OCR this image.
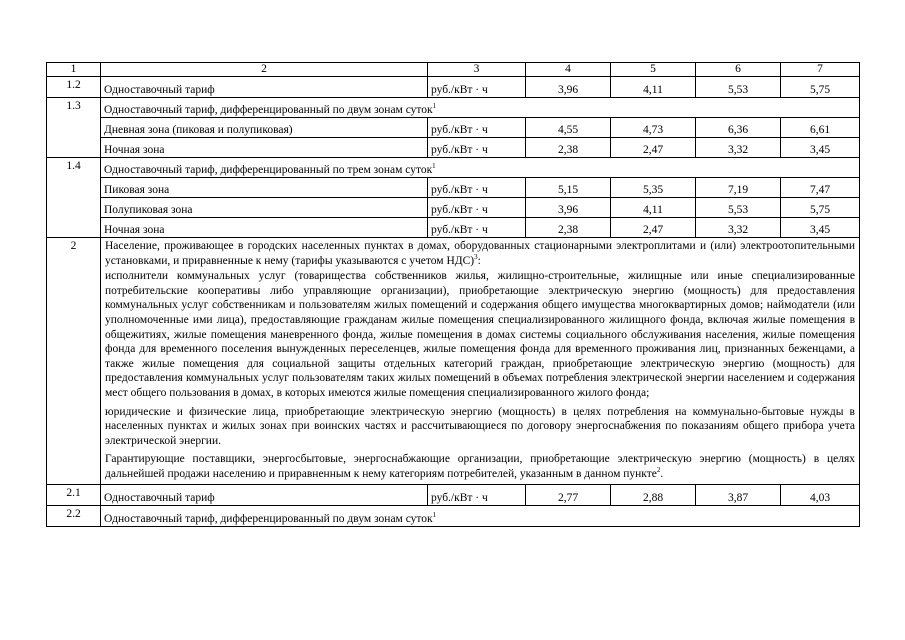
1	2	3	4	5	6	7
1.2	Одноставочный тариф	руб./кВт · ч	3,96	4,11	5,53	5,75
1.3	Одноставочный тариф, дифференцированный по двум зонам суток$^1$
	Дневная зона (пиковая и полупиковая)	руб./кВт · ч	4,55	4,73	6,36	6,61
	Ночная зона	руб./кВт · ч	2,38	2,47	3,32	3,45
1.4	Одноставочный тариф, дифференцированный по трем зонам суток$^1$
	Пиковая зона	руб./кВт · ч	5,15	5,35	7,19	7,47
	Полупиковая зона	руб./кВт · ч	3,96	4,11	5,53	5,75
	Ночная зона	руб./кВт · ч	2,38	2,47	3,32	3,45
2	Население, проживающее в городских населенных пунктах в домах, оборудованных стационарными электроплитами и (или) электроотопительными установками, и приравненные к нему (тарифы указываются с учетом НДС)$^3$:

исполнители коммунальных услуг (товарищества собственников жилья, жилищно-строительные, жилищные или иные специализированные потребительские кооперативы либо управляющие организации), приобретающие электрическую энергию (мощность) для предоставления коммунальных услуг собственникам и пользователям жилых помещений и содержания общего имущества многоквартирных домов; наймодатели (или уполномоченные ими лица), предоставляющие гражданам жилые помещения специализированного жилищного фонда, включая жилые помещения в общежитиях, жилые помещения маневренного фонда, жилые помещения в домах системы социального обслуживания населения, жилые помещения фонда для временного поселения вынужденных переселенцев, жилые помещения фонда для временного проживания лиц, признанных беженцами, а также жилые помещения для социальной защиты отдельных категорий граждан, приобретающие электрическую энергию (мощность) для предоставления коммунальных услуг пользователям таких жилых помещений в объемах потребления электрической энергии населением и содержания мест общего пользования в домах, в которых имеются жилые помещения специализированного жилого фонда;

юридические и физические лица, приобретающие электрическую энергию (мощность) в целях потребления на коммунально-бытовые нужды в населенных пунктах и жилых зонах при воинских частях и рассчитывающиеся по договору энергоснабжения по показаниям общего прибора учета электрической энергии.

Гарантирующие поставщики, энергосбытовые, энергоснабжающие организации, приобретающие электрическую энергию (мощность) в целях дальнейшей продажи населению и приравненным к нему категориям потребителей, указанным в данном пункте$^2$.					

2.1	Одноставочный тариф	руб./кВт · ч	2,77	2,88	3,87	4,03
2.2	Одноставочный тариф, дифференцированный по двум зонам суток$^1$
